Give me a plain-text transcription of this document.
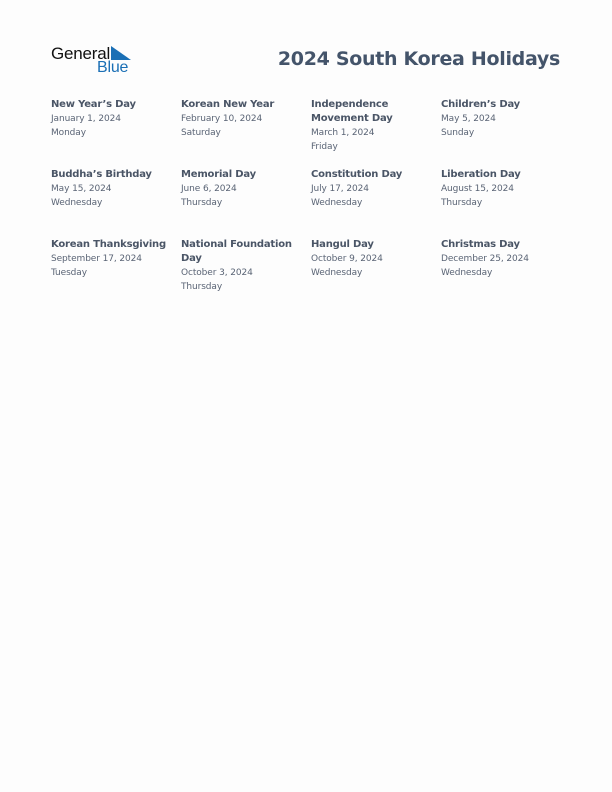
General
Blue	2024 South Korea Holidays
New Year’s Day
January 1, 2024
Monday
Korean New Year
February 10, 2024
Saturday
Independence Movement Day
March 1, 2024
Friday
Children’s Day
May 5, 2024
Sunday
Buddha’s Birthday
May 15, 2024
Wednesday
Memorial Day
June 6, 2024
Thursday
Constitution Day
July 17, 2024
Wednesday
Liberation Day
August 15, 2024
Thursday
Korean Thanksgiving
September 17, 2024
Tuesday
National Foundation Day
October 3, 2024
Thursday
Hangul Day
October 9, 2024
Wednesday
Christmas Day
December 25, 2024
Wednesday
